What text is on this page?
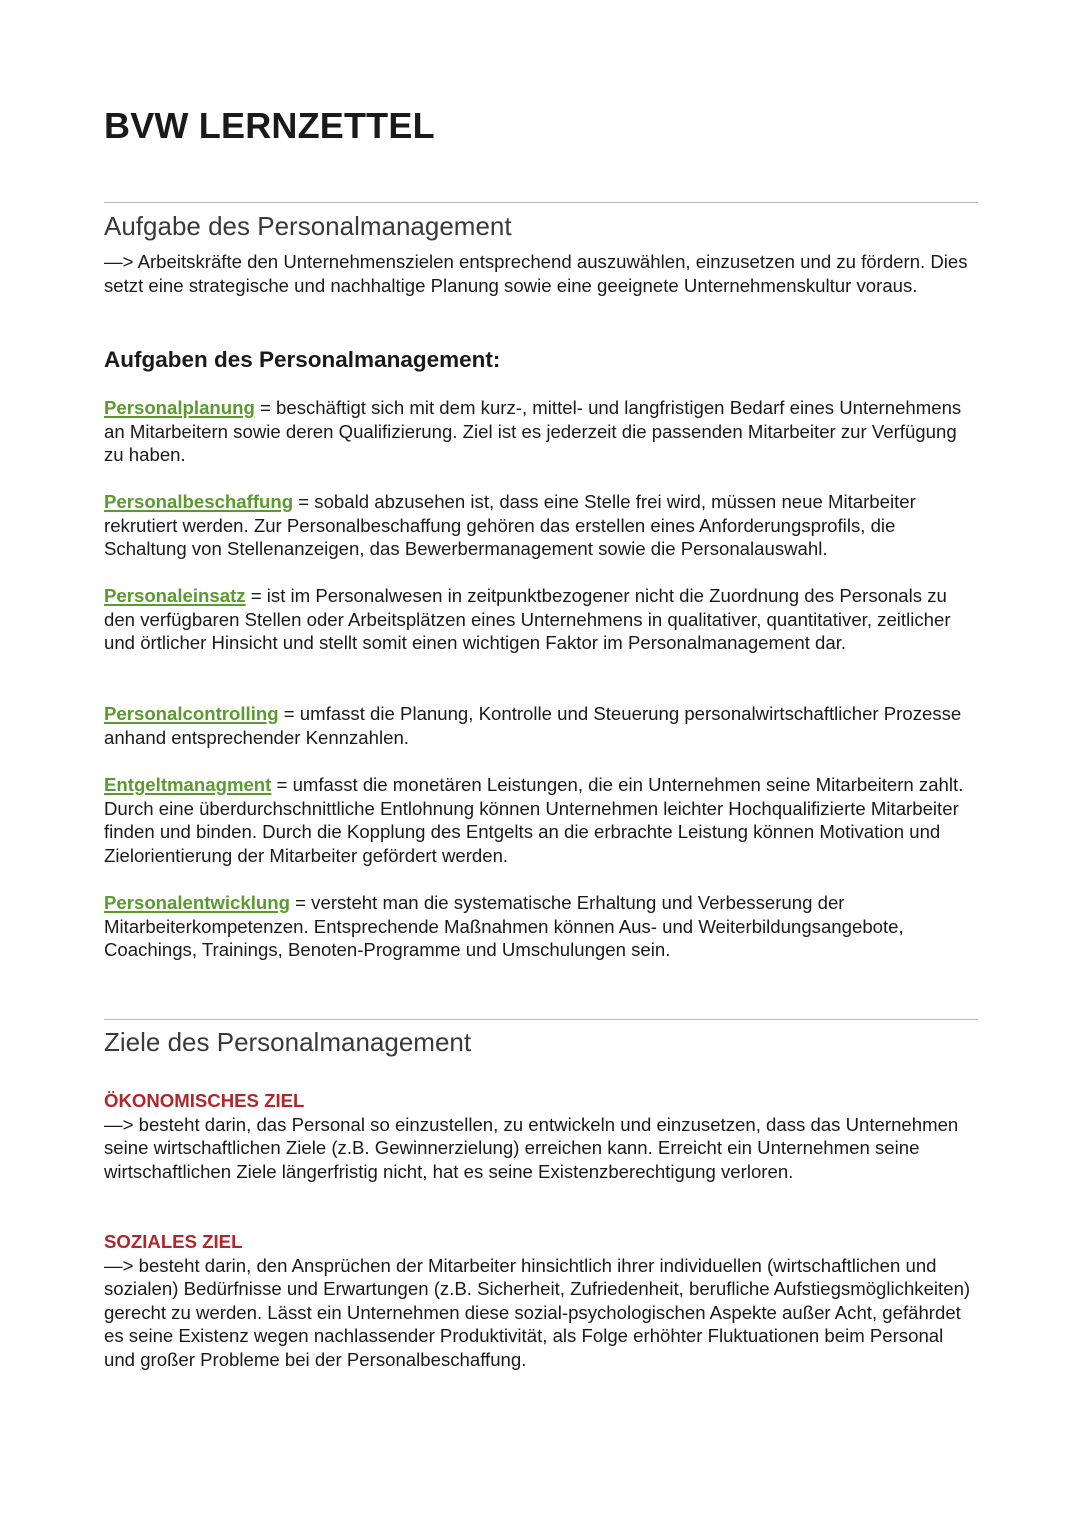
BVW LERNZETTEL
Aufgabe des Personalmanagement

—> Arbeitskräfte den Unternehmenszielen entsprechend auszuwählen, einzusetzen und zu fördern. Dies setzt eine strategische und nachhaltige Planung sowie eine geeignete Unternehmenskultur voraus.

Aufgaben des Personalmanagement:

Personalplanung = beschäftigt sich mit dem kurz-, mittel- und langfristigen Bedarf eines Unternehmens an Mitarbeitern sowie deren Qualifizierung. Ziel ist es jederzeit die passenden Mitarbeiter zur Verfügung zu haben.

Personalbeschaffung = sobald abzusehen ist, dass eine Stelle frei wird, müssen neue Mitarbeiter rekrutiert werden. Zur Personalbeschaffung gehören das erstellen eines Anforderungsprofils, die Schaltung von Stellenanzeigen, das Bewerbermanagement sowie die Personalauswahl.

Personaleinsatz = ist im Personalwesen in zeitpunktbezogener nicht die Zuordnung des Personals zu den verfügbaren Stellen oder Arbeitsplätzen eines Unternehmens in qualitativer, quantitativer, zeitlicher und örtlicher Hinsicht und stellt somit einen wichtigen Faktor im Personalmanagement dar.

Personalcontrolling = umfasst die Planung, Kontrolle und Steuerung personalwirtschaftlicher Prozesse anhand entsprechender Kennzahlen.

Entgeltmanagment = umfasst die monetären Leistungen, die ein Unternehmen seine Mitarbeitern zahlt. Durch eine überdurchschnittliche Entlohnung können Unternehmen leichter Hochqualifizierte Mitarbeiter finden und binden. Durch die Kopplung des Entgelts an die erbrachte Leistung können Motivation und Zielorientierung der Mitarbeiter gefördert werden.

Personalentwicklung = versteht man die systematische Erhaltung und Verbesserung der Mitarbeiterkompetenzen. Entsprechende Maßnahmen können Aus- und Weiterbildungsangebote, Coachings, Trainings, Benoten-Programme und Umschulungen sein.

Ziele des Personalmanagement

ÖKONOMISCHES ZIEL
—> besteht darin, das Personal so einzustellen, zu entwickeln und einzusetzen, dass das Unternehmen seine wirtschaftlichen Ziele (z.B. Gewinnerzielung) erreichen kann. Erreicht ein Unternehmen seine wirtschaftlichen Ziele längerfristig nicht, hat es seine Existenzberechtigung verloren.

SOZIALES ZIEL
—> besteht darin, den Ansprüchen der Mitarbeiter hinsichtlich ihrer individuellen (wirtschaftlichen und sozialen) Bedürfnisse und Erwartungen (z.B. Sicherheit, Zufriedenheit, berufliche Aufstiegsmöglichkeiten) gerecht zu werden. Lässt ein Unternehmen diese sozial-psychologischen Aspekte außer Acht, gefährdet es seine Existenz wegen nachlassender Produktivität, als Folge erhöhter Fluktuationen beim Personal und großer Probleme bei der Personalbeschaffung.
